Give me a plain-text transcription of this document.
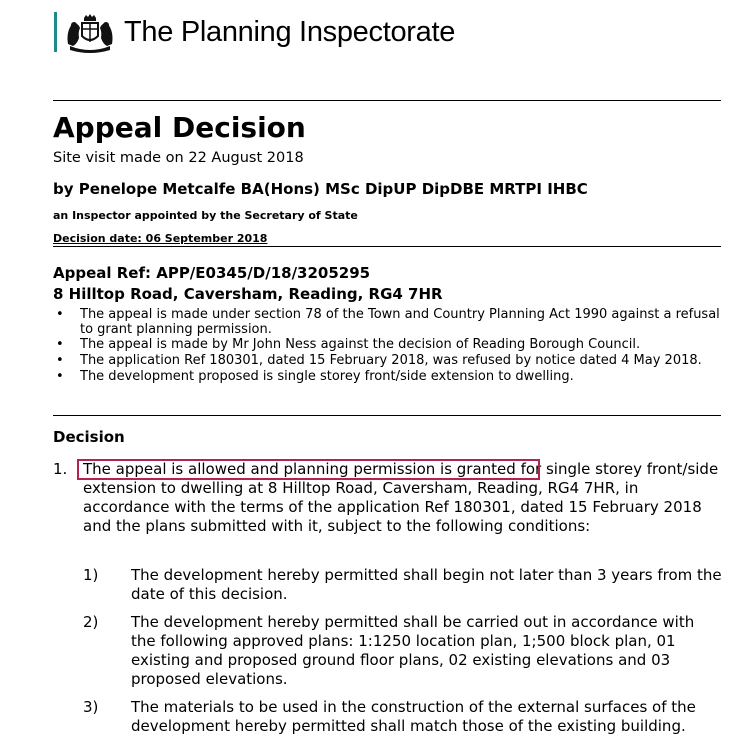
The Planning Inspectorate
Appeal Decision
Site visit made on 22 August 2018
by Penelope Metcalfe BA(Hons) MSc DipUP DipDBE MRTPI IHBC
an Inspector appointed by the Secretary of State
Decision date: 06 September 2018
Appeal Ref: APP/E0345/D/18/3205295
8 Hilltop Road, Caversham, Reading, RG4 7HR
• The appeal is made under section 78 of the Town and Country Planning Act 1990 against a refusal to grant planning permission.
• The appeal is made by Mr John Ness against the decision of Reading Borough Council.
• The application Ref 180301, dated 15 February 2018, was refused by notice dated 4 May 2018.
• The development proposed is single storey front/side extension to dwelling.
Decision
1. The appeal is allowed and planning permission is granted for single storey front/side extension to dwelling at 8 Hilltop Road, Caversham, Reading, RG4 7HR, in accordance with the terms of the application Ref 180301, dated 15 February 2018 and the plans submitted with it, subject to the following conditions:
1) The development hereby permitted shall begin not later than 3 years from the date of this decision.
2) The development hereby permitted shall be carried out in accordance with the following approved plans: 1:1250 location plan, 1;500 block plan, 01 existing and proposed ground floor plans, 02 existing elevations and 03 proposed elevations.
3) The materials to be used in the construction of the external surfaces of the development hereby permitted shall match those of the existing building.
